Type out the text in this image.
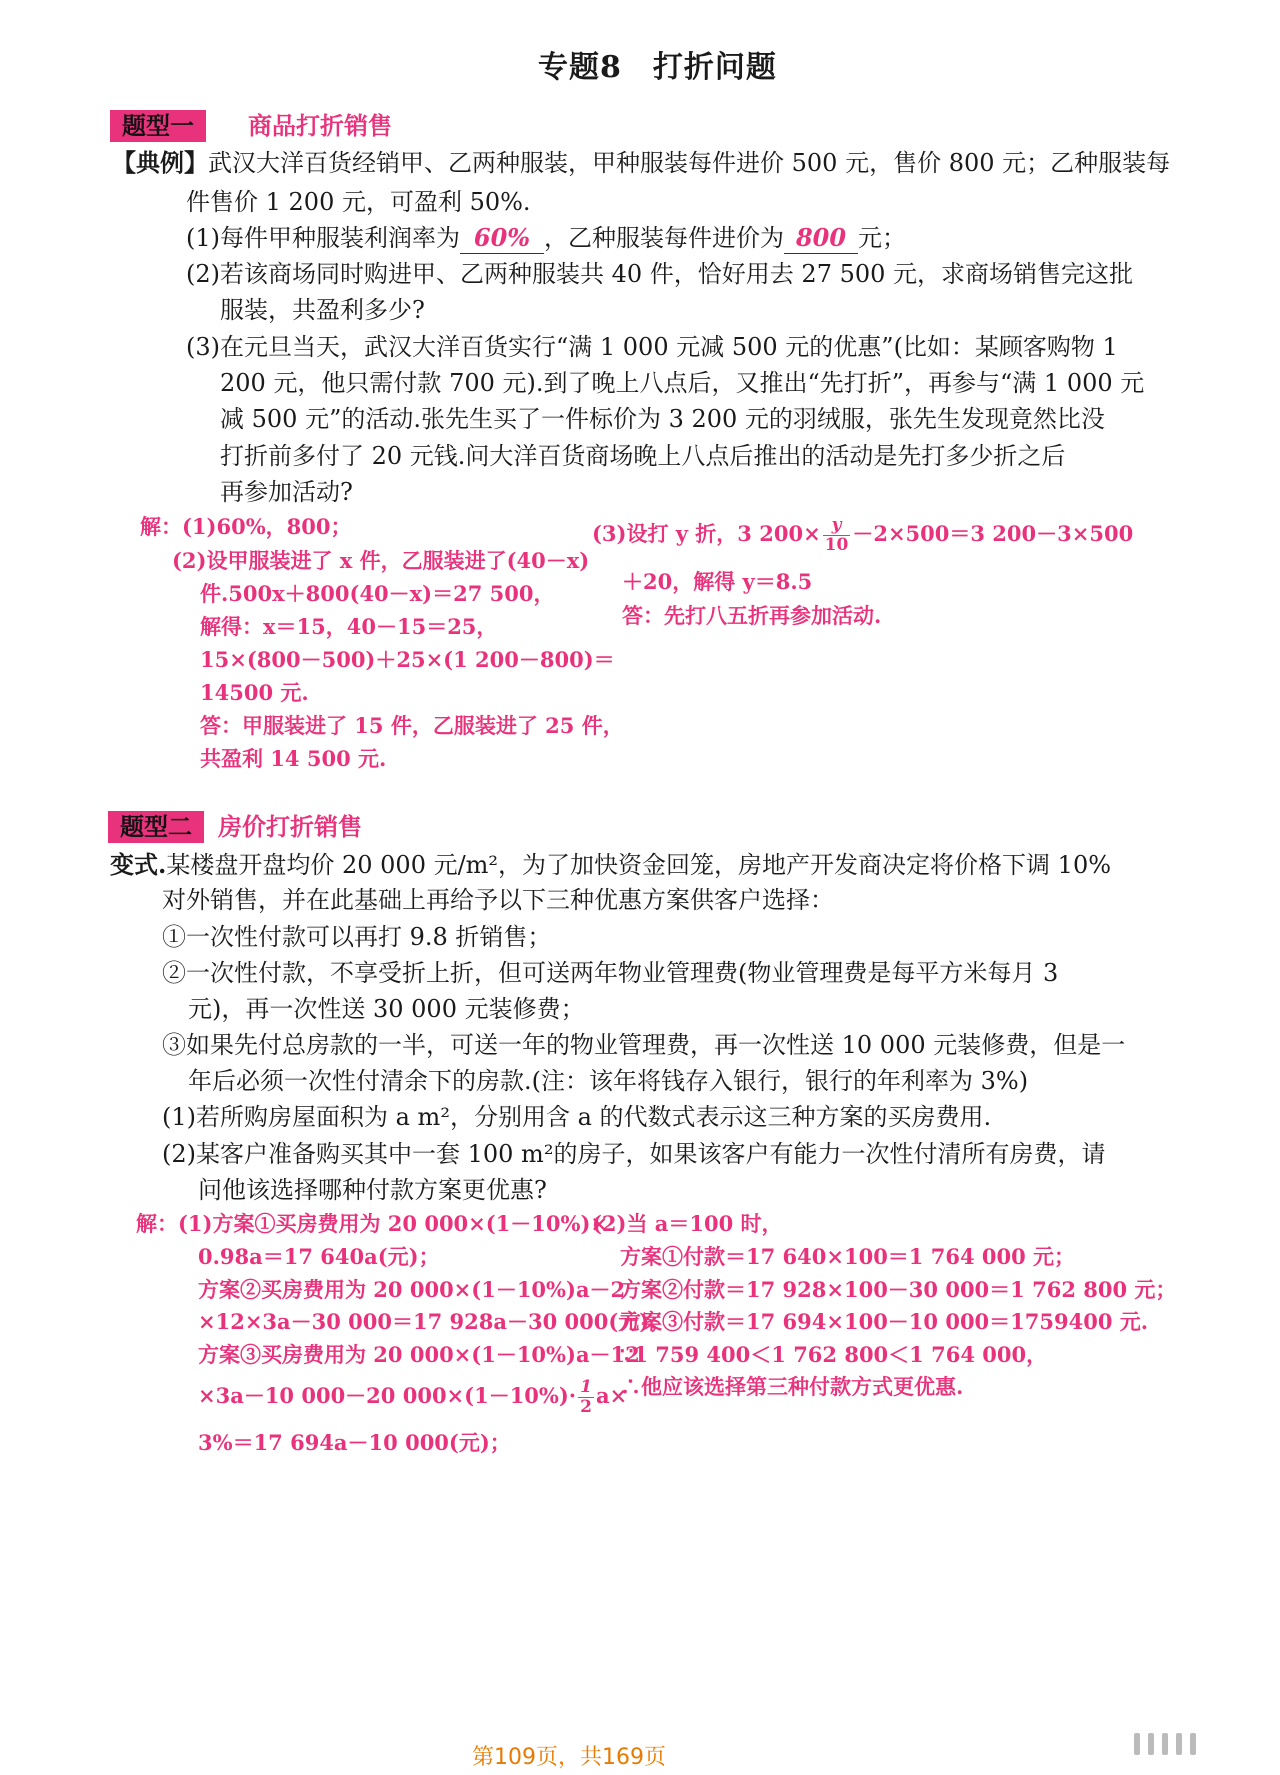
专题8　打折问题
题型一	商品打折销售
【典例】武汉大洋百货经销甲、乙两种服装，甲种服装每件进价 500 元，售价 800 元；乙种服装每
件售价 1 200 元，可盈利 50%.
(1)每件甲种服装利润率为 60% ，乙种服装每件进价为 800 元；
(2)若该商场同时购进甲、乙两种服装共 40 件，恰好用去 27 500 元，求商场销售完这批
服装，共盈利多少?
(3)在元旦当天，武汉大洋百货实行“满 1 000 元减 500 元的优惠”(比如：某顾客购物 1
200 元，他只需付款 700 元).到了晚上八点后，又推出“先打折”，再参与“满 1 000 元
减 500 元”的活动.张先生买了一件标价为 3 200 元的羽绒服，张先生发现竟然比没
打折前多付了 20 元钱.问大洋百货商场晚上八点后推出的活动是先打多少折之后
再参加活动?
解：(1)60%，800；
(2)设甲服装进了 x 件，乙服装进了(40－x)
件.500x＋800(40－x)＝27 500，
解得：x＝15，40－15＝25，
15×(800－500)＋25×(1 200－800)＝
14500 元.
答：甲服装进了 15 件，乙服装进了 25 件，
共盈利 14 500 元.
(3)设打 y 折，3 $200\times \frac{y}{10} -2\times 500=3$ 200－3×500
＋20，解得 y＝8.5
答：先打八五折再参加活动.
题型二	房价打折销售
变式.某楼盘开盘均价 20 000 元/m²，为了加快资金回笼，房地产开发商决定将价格下调 10%
对外销售，并在此基础上再给予以下三种优惠方案供客户选择：
①一次性付款可以再打 9.8 折销售；
②一次性付款，不享受折上折，但可送两年物业管理费(物业管理费是每平方米每月 3
元)，再一次性送 30 000 元装修费；
③如果先付总房款的一半，可送一年的物业管理费，再一次性送 10 000 元装修费，但是一
年后必须一次性付清余下的房款.(注：该年将钱存入银行，银行的年利率为 3%)
(1)若所购房屋面积为 a m²，分别用含 a 的代数式表示这三种方案的买房费用.
(2)某客户准备购买其中一套 100 m²的房子，如果该客户有能力一次性付清所有房费，请
问他该选择哪种付款方案更优惠?
解：(1)方案①买房费用为 20 000×(1－10%)×
0.98a＝17 640a(元)；
方案②买房费用为 20 000×(1－10%)a－2
×12×3a－30 000＝17 928a－30 000(元)；
方案③买房费用为 20 000×(1－10%)a－12
×3a－10 000－20 $000\times(1-10\%)\cdot \frac{1}{2} a\times$
3%＝17 694a－10 000(元)；
(2)当 a＝100 时，
方案①付款＝17 640×100＝1 764 000 元；
方案②付款＝17 928×100－30 000＝1 762 800 元；
方案③付款＝17 694×100－10 000＝1759400 元.
∵1 759 400＜1 762 800＜1 764 000，
∴他应该选择第三种付款方式更优惠.
第109页，共169页
